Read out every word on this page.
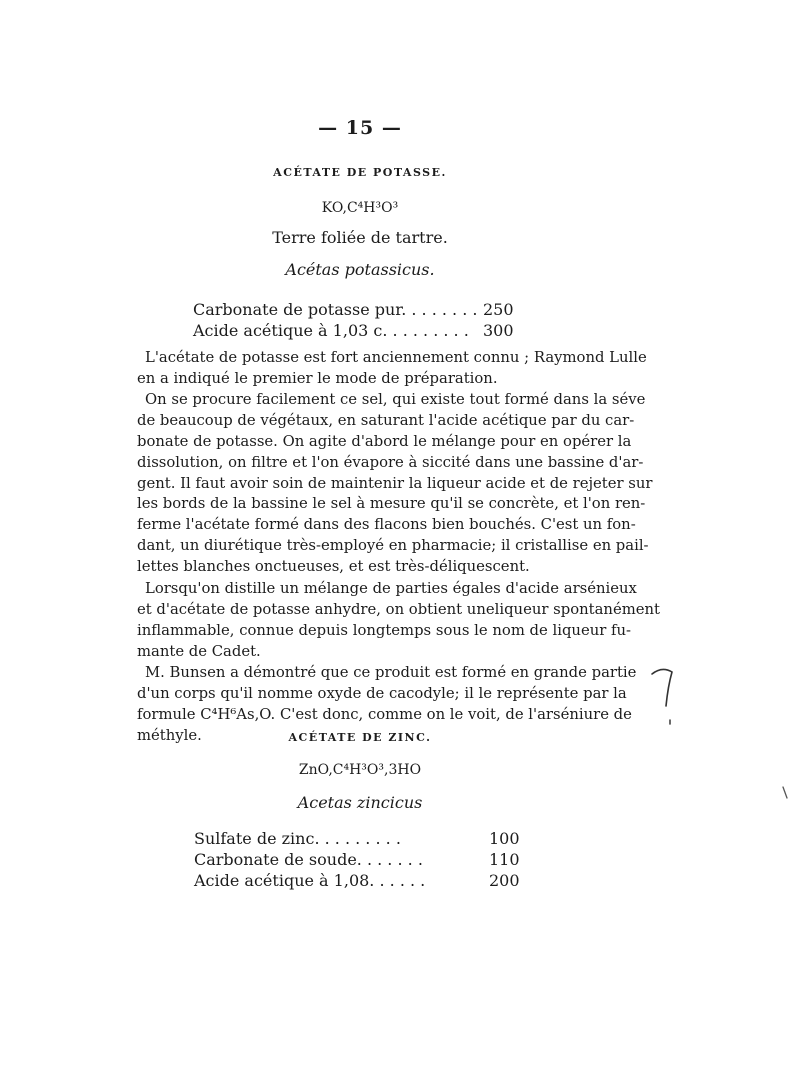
— 15 —
ACÉTATE DE POTASSE.
KO,C⁴H³O³
Terre foliée de tartre.
Acétas potassicus.
Carbonate de potasse pur. . . . . . . . 250
Acide acétique à 1,03 c. . . . . . . . . 300
L'acétate de potasse est fort anciennement connu ; Raymond Lulle
en a indiqué le premier le mode de préparation.
On se procure facilement ce sel, qui existe tout formé dans la séve
de beaucoup de végétaux, en saturant l'acide acétique par du car-
bonate de potasse. On agite d'abord le mélange pour en opérer la
dissolution, on filtre et l'on évapore à siccité dans une bassine d'ar-
gent. Il faut avoir soin de maintenir la liqueur acide et de rejeter sur
les bords de la bassine le sel à mesure qu'il se concrète, et l'on ren-
ferme l'acétate formé dans des flacons bien bouchés. C'est un fon-
dant, un diurétique très-employé en pharmacie; il cristallise en pail-
lettes blanches onctueuses, et est très-déliquescent.
Lorsqu'on distille un mélange de parties égales d'acide arsénieux
et d'acétate de potasse anhydre, on obtient uneliqueur spontanément
inflammable, connue depuis longtemps sous le nom de liqueur fu-
mante de Cadet.
M. Bunsen a démontré que ce produit est formé en grande partie
d'un corps qu'il nomme oxyde de cacodyle; il le représente par la
formule C⁴H⁶As,O. C'est donc, comme on le voit, de l'arséniure de
méthyle.	ACÉTATE DE ZINC.
ZnO,C⁴H³O³,3HO
Acetas zincicus
Sulfate de zinc. . . . . . . . .	100
Carbonate de soude. . . . . . .	110
Acide acétique à 1,08. . . . . .	200
